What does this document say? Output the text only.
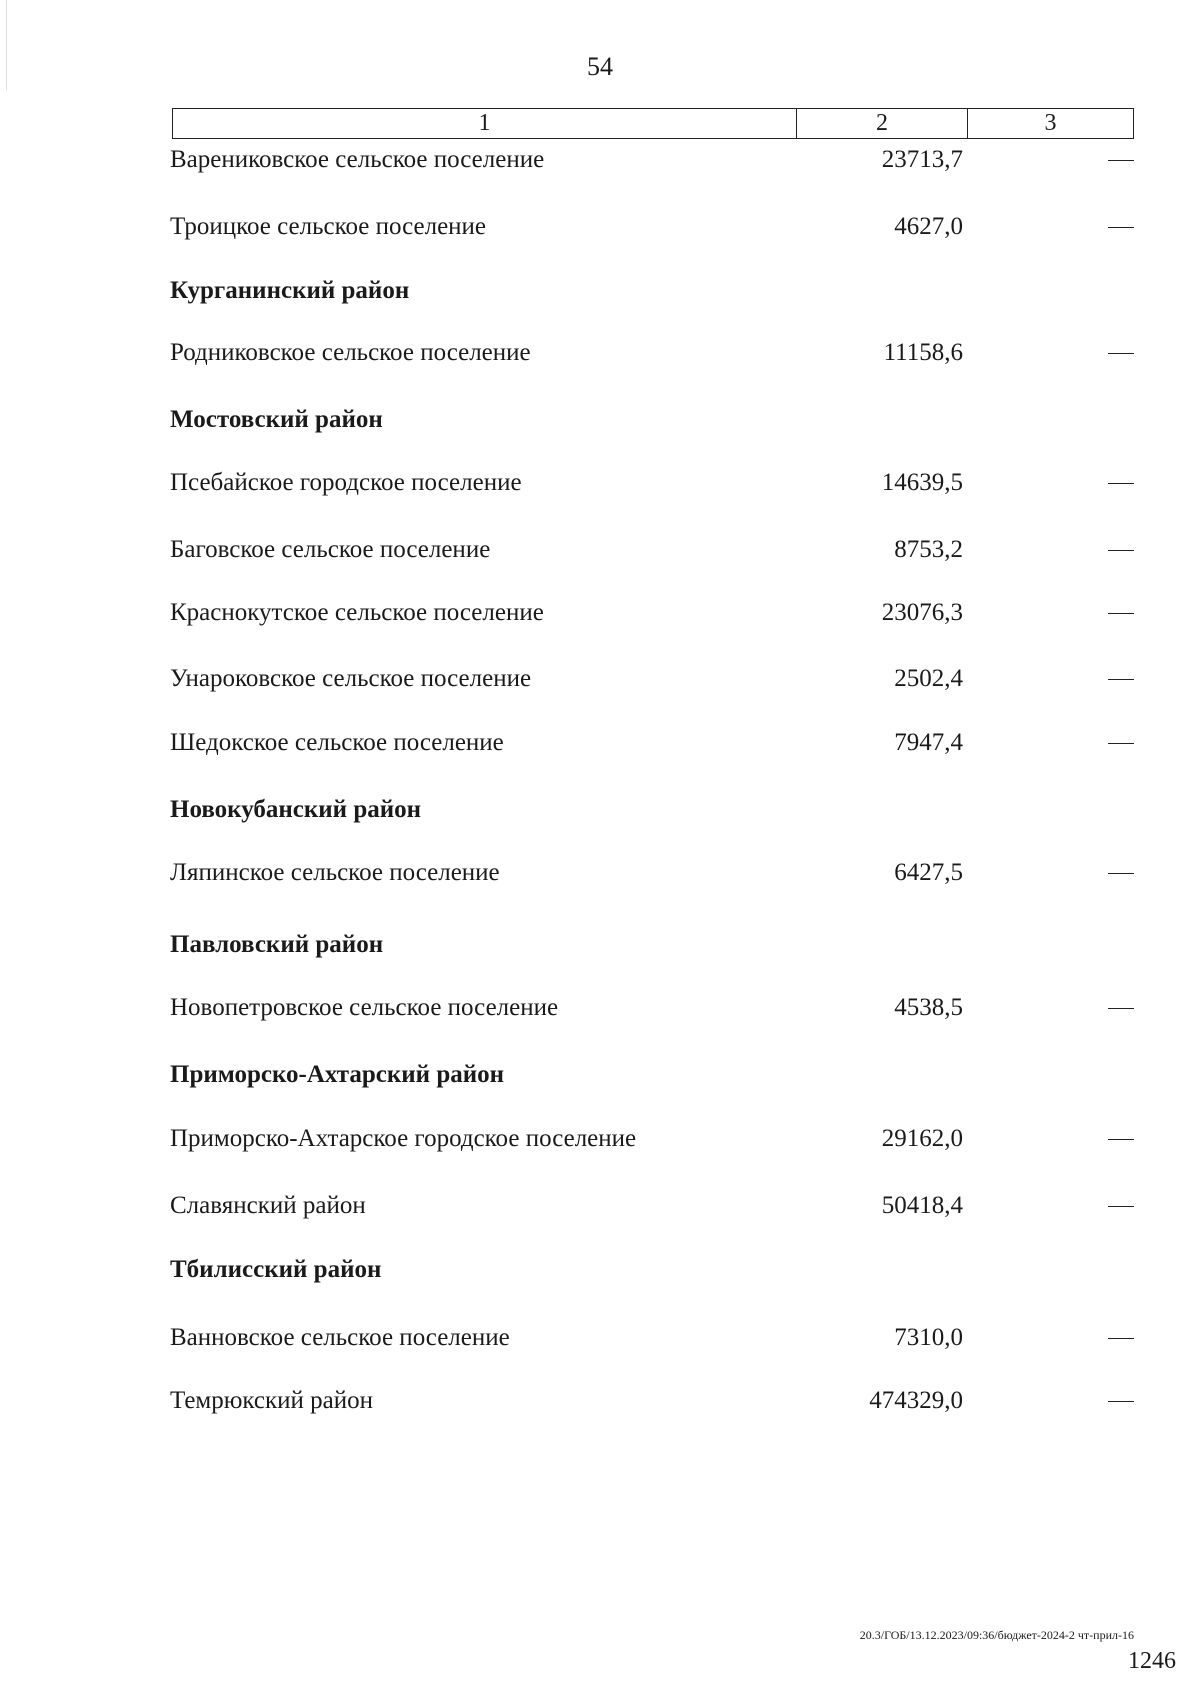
54
1	2	3
Варениковское сельское поселение	23713,7
Троицкое сельское поселение	4627,0
Курганинский район
Родниковское сельское поселение	11158,6
Мостовский район
Псебайское городское поселение	14639,5
Баговское сельское поселение	8753,2
Краснокутское сельское поселение	23076,3
Унароковское сельское поселение	2502,4
Шедокское сельское поселение	7947,4
Новокубанский район
Ляпинское сельское поселение	6427,5
Павловский район
Новопетровское сельское поселение	4538,5
Приморско-Ахтарский район
Приморско-Ахтарское городское поселение	29162,0
Славянский район	50418,4
Тбилисский район
Ванновское сельское поселение	7310,0
Темрюкский район	474329,0
20.3/ГОБ/13.12.2023/09:36/бюджет-2024-2 чт-прил-16
1246
